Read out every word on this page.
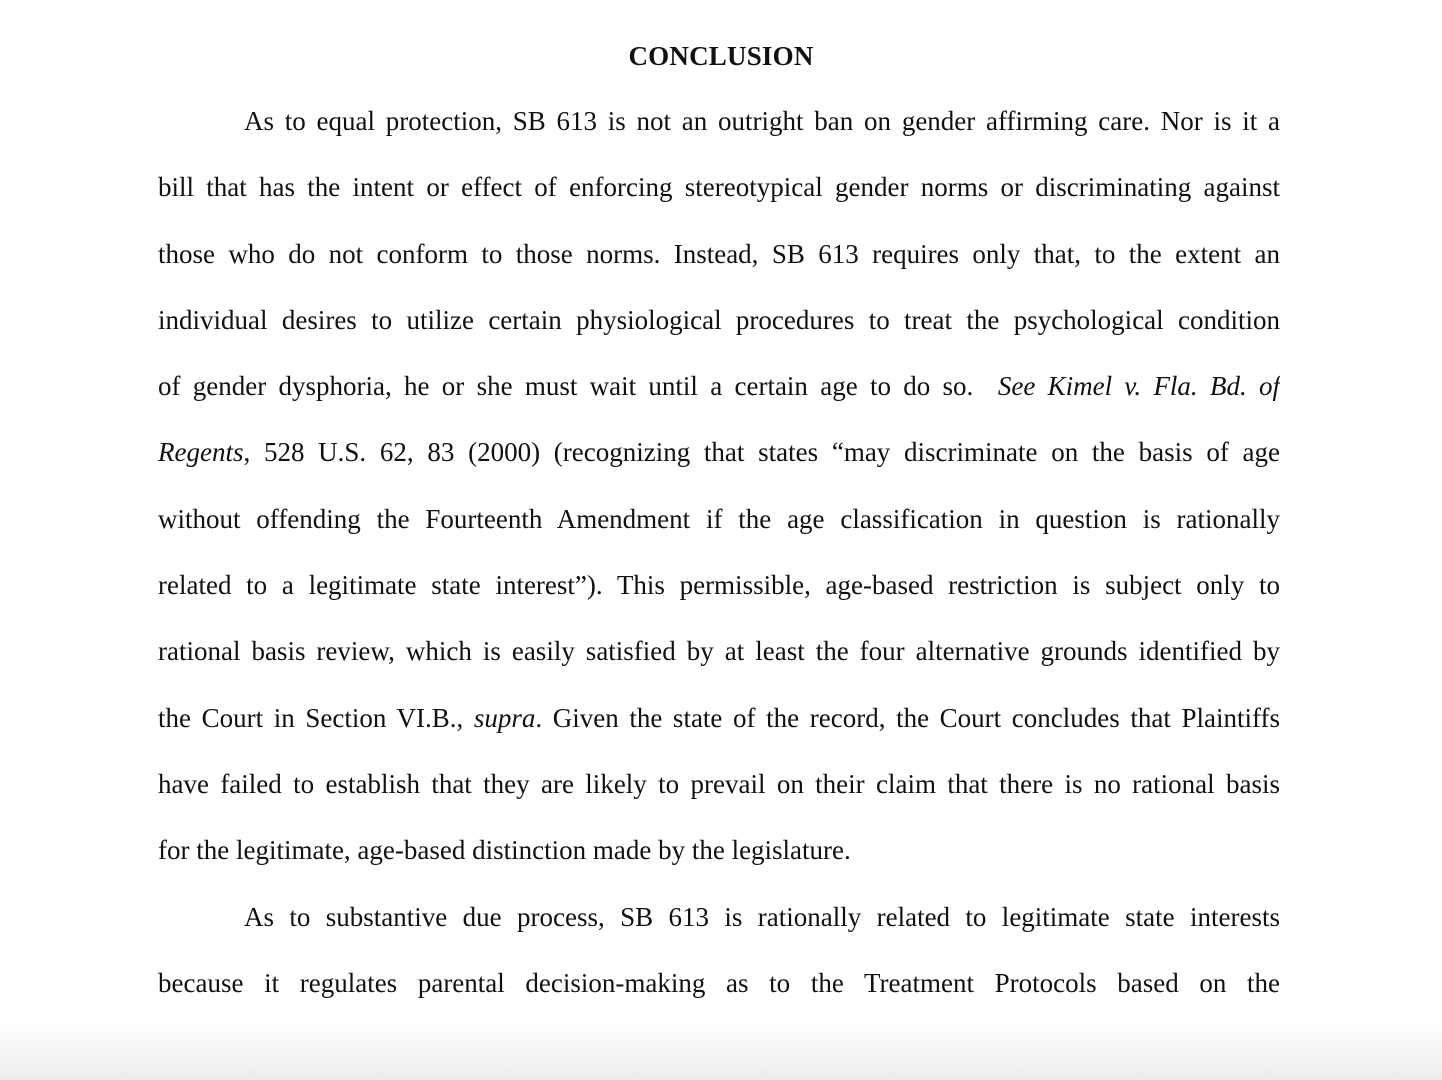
CONCLUSION
As to equal protection, SB 613 is not an outright ban on gender affirming care. Nor is it a
bill that has the intent or effect of enforcing stereotypical gender norms or discriminating against
those who do not conform to those norms. Instead, SB 613 requires only that, to the extent an
individual desires to utilize certain physiological procedures to treat the psychological condition
of gender dysphoria, he or she must wait until a certain age to do so. See Kimel v. Fla. Bd. of
Regents, 528 U.S. 62, 83 (2000) (recognizing that states “may discriminate on the basis of age
without offending the Fourteenth Amendment if the age classification in question is rationally
related to a legitimate state interest”). This permissible, age-based restriction is subject only to
rational basis review, which is easily satisfied by at least the four alternative grounds identified by
the Court in Section VI.B., supra. Given the state of the record, the Court concludes that Plaintiffs
have failed to establish that they are likely to prevail on their claim that there is no rational basis
for the legitimate, age-based distinction made by the legislature.
As to substantive due process, SB 613 is rationally related to legitimate state interests
because it regulates parental decision-making as to the Treatment Protocols based on the
